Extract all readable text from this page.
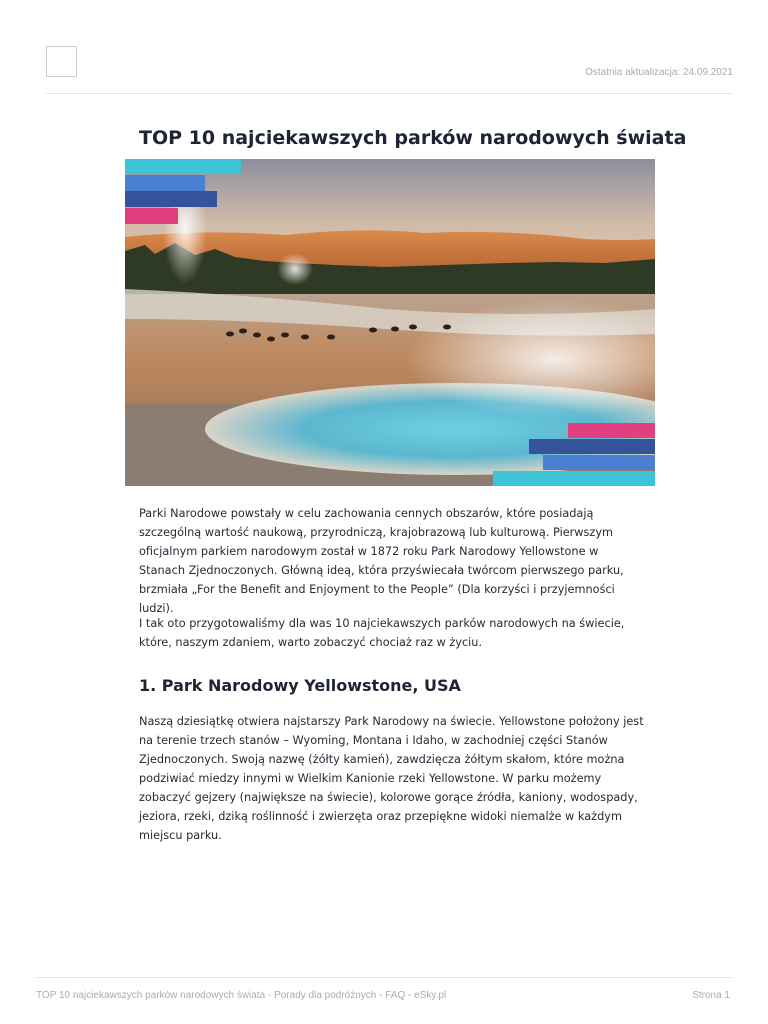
Ostatnia aktualizacja: 24.09.2021
TOP 10 najciekawszych parków narodowych świata

Parki Narodowe powstały w celu zachowania cennych obszarów, które posiadają szczególną wartość naukową, przyrodniczą, krajobrazową lub kulturową. Pierwszym oficjalnym parkiem narodowym został w 1872 roku Park Narodowy Yellowstone w Stanach Zjednoczonych. Główną ideą, która przyświecała twórcom pierwszego parku, brzmiała „For the Benefit and Enjoyment to the People” (Dla korzyści i przyjemności ludzi).

I tak oto przygotowaliśmy dla was 10 najciekawszych parków narodowych na świecie, które, naszym zdaniem, warto zobaczyć chociaż raz w życiu.

1. Park Narodowy Yellowstone, USA

Naszą dziesiątkę otwiera najstarszy Park Narodowy na świecie. Yellowstone położony jest na terenie trzech stanów – Wyoming, Montana i Idaho, w zachodniej części Stanów Zjednoczonych. Swoją nazwę (żółty kamień), zawdzięcza żółtym skałom, które można podziwiać miedzy innymi w Wielkim Kanionie rzeki Yellowstone. W parku możemy zobaczyć gejzery (największe na świecie), kolorowe gorące źródła, kaniony, wodospady, jeziora, rzeki, dziką roślinność i zwierzęta oraz przepiękne widoki niemalże w każdym miejscu parku.

TOP 10 najciekawszych parków narodowych świata - Porady dla podróżnych - FAQ - eSky.pl	Strona 1
